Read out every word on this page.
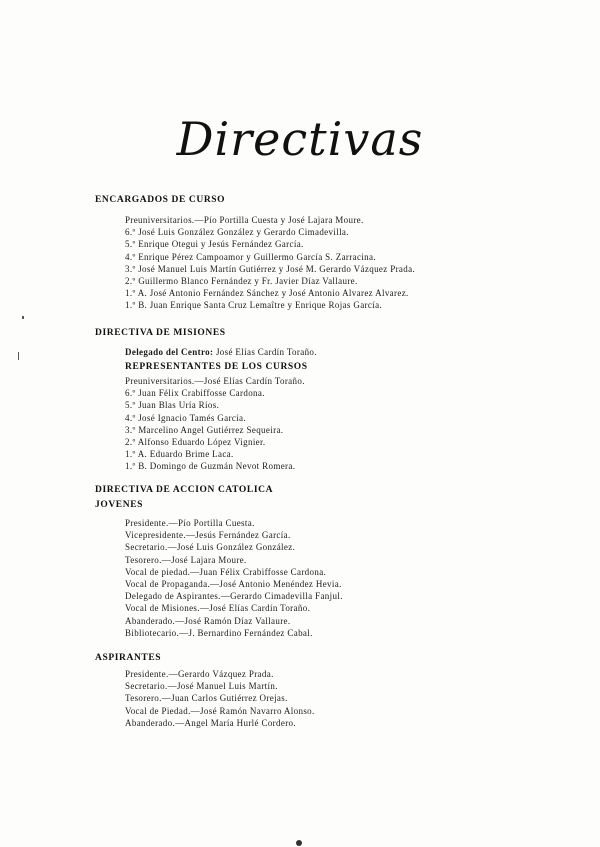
Directivas
ENCARGADOS DE CURSO
Preuniversitarios.—Pío Portilla Cuesta y José Lajara Moure.
6.º José Luis González González y Gerardo Cimadevilla.
5.º Enrique Otegui y Jesús Fernández García.
4.º Enrique Pérez Campoamor y Guillermo García S. Zarracina.
3.º José Manuel Luis Martín Gutiérrez y José M. Gerardo Vázquez Prada.
2.º Guillermo Blanco Fernández y Fr. Javier Díaz Vallaure.
1.º A. José Antonio Fernández Sánchez y José Antonio Alvarez Alvarez.
1.º B. Juan Enrique Santa Cruz Lemaître y Enrique Rojas García.
DIRECTIVA DE MISIONES
Delegado del Centro: José Elías Cardín Toraño.
REPRESENTANTES DE LOS CURSOS
Preuniversitarios.—José Elías Cardín Toraño.
6.º Juan Félix Crabiffosse Cardona.
5.º Juan Blas Uría Ríos.
4.º José Ignacio Tamés García.
3.º Marcelino Angel Gutiérrez Sequeira.
2.º Alfonso Eduardo López Vignier.
1.º A. Eduardo Brime Laca.
1.º B. Domingo de Guzmán Nevot Romera.
DIRECTIVA DE ACCION CATOLICA
JOVENES
Presidente.—Pío Portilla Cuesta.
Vicepresidente.—Jesús Fernández García.
Secretario.—José Luis González González.
Tesorero.—José Lajara Moure.
Vocal de piedad.—Juan Félix Crabiffosse Cardona.
Vocal de Propaganda.—José Antonio Menéndez Hevia.
Delegado de Aspirantes.—Gerardo Cimadevilla Fanjul.
Vocal de Misiones.—José Elías Cardín Toraño.
Abanderado.—José Ramón Díaz Vallaure.
Bibliotecario.—J. Bernardino Fernández Cabal.
ASPIRANTES
Presidente.—Gerardo Vázquez Prada.
Secretario.—José Manuel Luis Martín.
Tesorero.—Juan Carlos Gutiérrez Orejas.
Vocal de Piedad.—José Ramón Navarro Alonso.
Abanderado.—Angel María Hurlé Cordero.
